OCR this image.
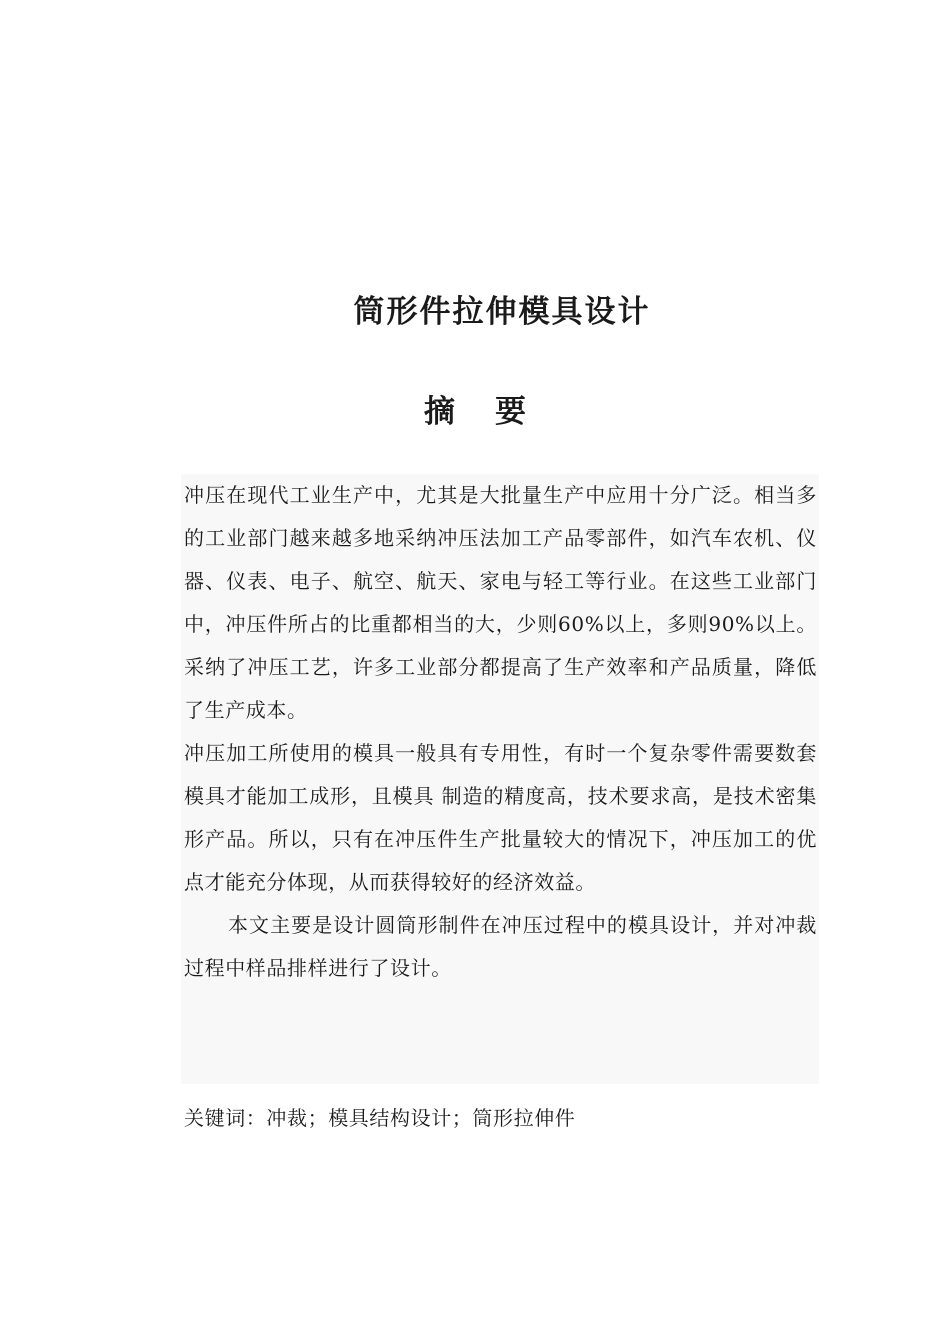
筒形件拉伸模具设计
摘 要

冲压在现代工业生产中，尤其是大批量生产中应用十分广泛。相当多的工业部门越来越多地采纳冲压法加工产品零部件，如汽车农机、仪器、仪表、电子、航空、航天、家电与轻工等行业。在这些工业部门中，冲压件所占的比重都相当的大，少则60%以上，多则90%以上。采纳了冲压工艺，许多工业部分都提高了生产效率和产品质量，降低了生产成本。

冲压加工所使用的模具一般具有专用性，有时一个复杂零件需要数套模具才能加工成形，且模具 制造的精度高，技术要求高，是技术密集形产品。所以，只有在冲压件生产批量较大的情况下，冲压加工的优点才能充分体现，从而获得较好的经济效益。

本文主要是设计圆筒形制件在冲压过程中的模具设计，并对冲裁过程中样品排样进行了设计。

关键词：冲裁；模具结构设计；筒形拉伸件
